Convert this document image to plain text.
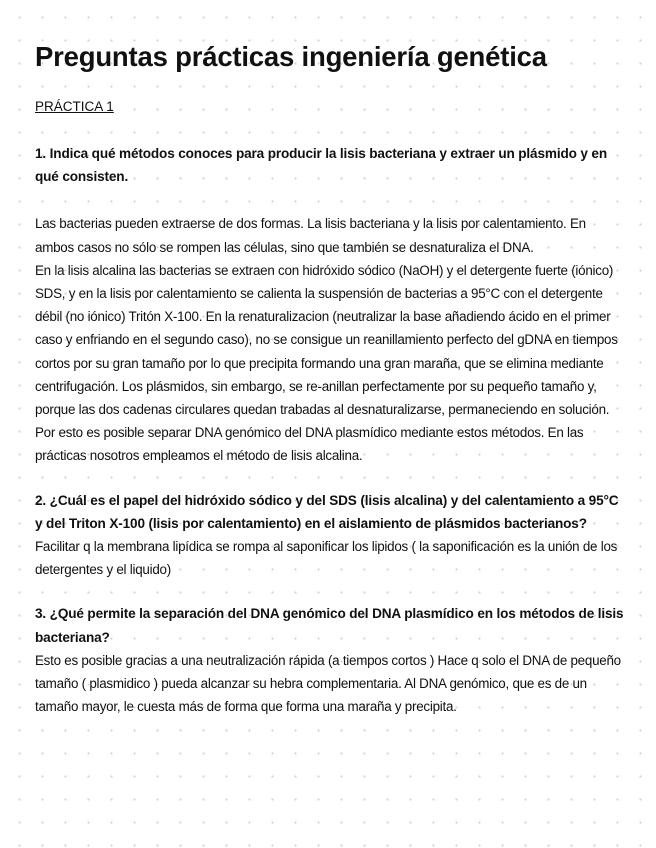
Preguntas prácticas ingeniería genética
PRÁCTICA 1

1. Indica qué métodos conoces para producir la lisis bacteriana y extraer un plásmido y en qué consisten.

Las bacterias pueden extraerse de dos formas. La lisis bacteriana y la lisis por calentamiento. En ambos casos no sólo se rompen las células, sino que también se desnaturaliza el DNA.

En la lisis alcalina las bacterias se extraen con hidróxido sódico (NaOH) y el detergente fuerte (iónico) SDS, y en la lisis por calentamiento se calienta la suspensión de bacterias a 95°C con el detergente débil (no iónico) Tritón X-100. En la renaturalizacion (neutralizar la base añadiendo ácido en el primer caso y enfriando en el segundo caso), no se consigue un reanillamiento perfecto del gDNA en tiempos cortos por su gran tamaño por lo que precipita formando una gran maraña, que se elimina mediante centrifugación. Los plásmidos, sin embargo, se re-anillan perfectamente por su pequeño tamaño y, porque las dos cadenas circulares quedan trabadas al desnaturalizarse, permaneciendo en solución. Por esto es posible separar DNA genómico del DNA plasmídico mediante estos métodos. En las prácticas nosotros empleamos el método de lisis alcalina.

2. ¿Cuál es el papel del hidróxido sódico y del SDS (lisis alcalina) y del calentamiento a 95°C y del Triton X-100 (lisis por calentamiento) en el aislamiento de plásmidos bacterianos?

Facilitar q la membrana lipídica se rompa al saponificar los lipidos ( la saponificación es la unión de los detergentes y el liquido)

3. ¿Qué permite la separación del DNA genómico del DNA plasmídico en los métodos de lisis bacteriana?

Esto es posible gracias a una neutralización rápida (a tiempos cortos ) Hace q solo el DNA de pequeño tamaño ( plasmidico ) pueda alcanzar su hebra complementaria. Al DNA genómico, que es de un tamaño mayor, le cuesta más de forma que forma una maraña y precipita.
